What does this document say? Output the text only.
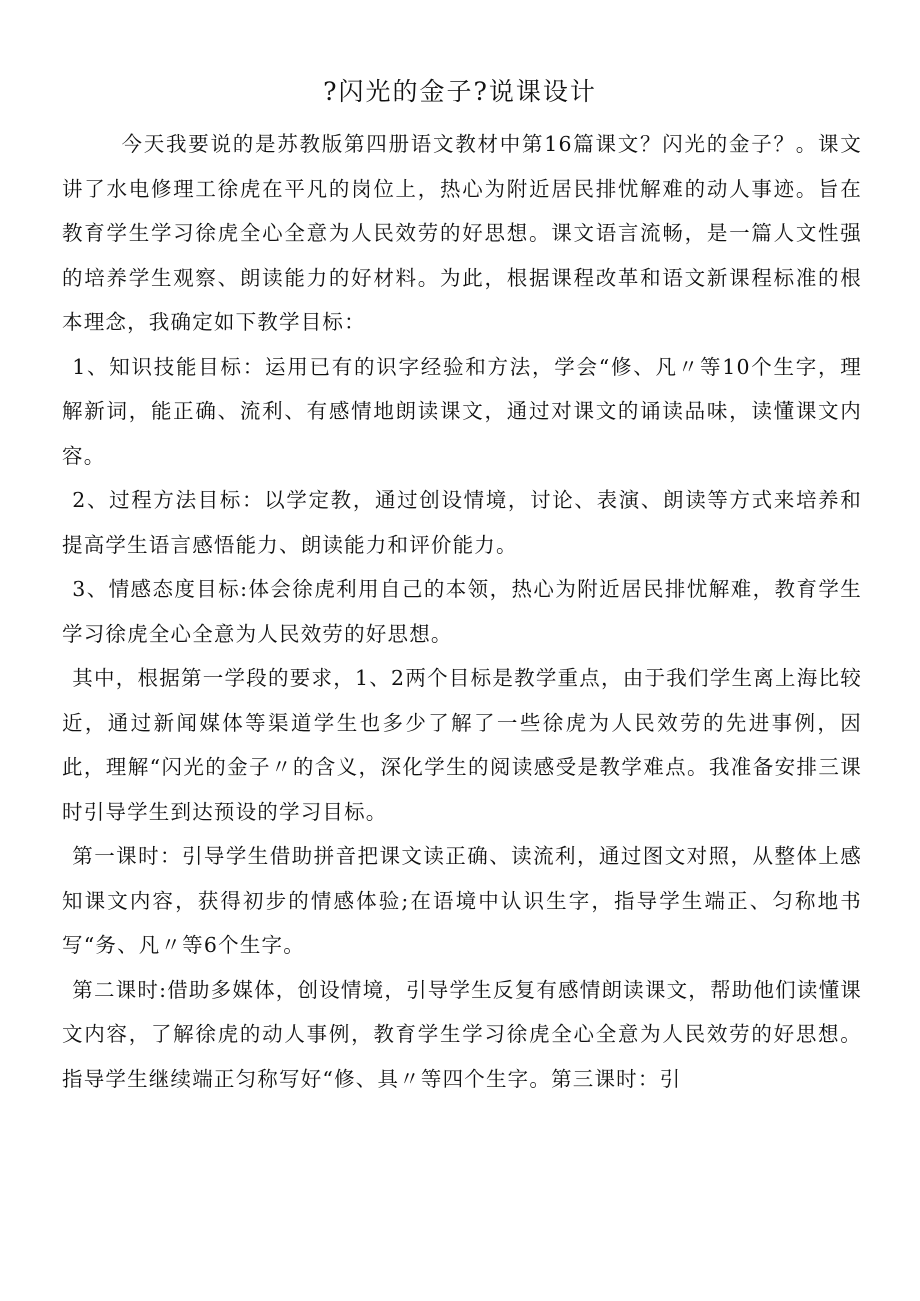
?闪光的金子?说课设计

今天我要说的是苏教版第四册语文教材中第16篇课文？闪光的金子？。课文讲了水电修理工徐虎在平凡的岗位上，热心为附近居民排忧解难的动人事迹。旨在教育学生学习徐虎全心全意为人民效劳的好思想。课文语言流畅，是一篇人文性强的培养学生观察、朗读能力的好材料。为此，根据课程改革和语文新课程标准的根本理念，我确定如下教学目标：

1、知识技能目标：运用已有的识字经验和方法，学会“修、凡〃等10个生字，理解新词，能正确、流利、有感情地朗读课文，通过对课文的诵读品味，读懂课文内容。

2、过程方法目标：以学定教，通过创设情境，讨论、表演、朗读等方式来培养和提高学生语言感悟能力、朗读能力和评价能力。

3、情感态度目标:体会徐虎利用自己的本领，热心为附近居民排忧解难，教育学生学习徐虎全心全意为人民效劳的好思想。

其中，根据第一学段的要求，1、2两个目标是教学重点，由于我们学生离上海比较近，通过新闻媒体等渠道学生也多少了解了一些徐虎为人民效劳的先进事例，因此，理解“闪光的金子〃的含义，深化学生的阅读感受是教学难点。我准备安排三课时引导学生到达预设的学习目标。

第一课时：引导学生借助拼音把课文读正确、读流利，通过图文对照，从整体上感知课文内容，获得初步的情感体验;在语境中认识生字，指导学生端正、匀称地书写“务、凡〃等6个生字。

第二课时:借助多媒体，创设情境，引导学生反复有感情朗读课文，帮助他们读懂课文内容，了解徐虎的动人事例，教育学生学习徐虎全心全意为人民效劳的好思想。指导学生继续端正匀称写好“修、具〃等四个生字。第三课时：引
